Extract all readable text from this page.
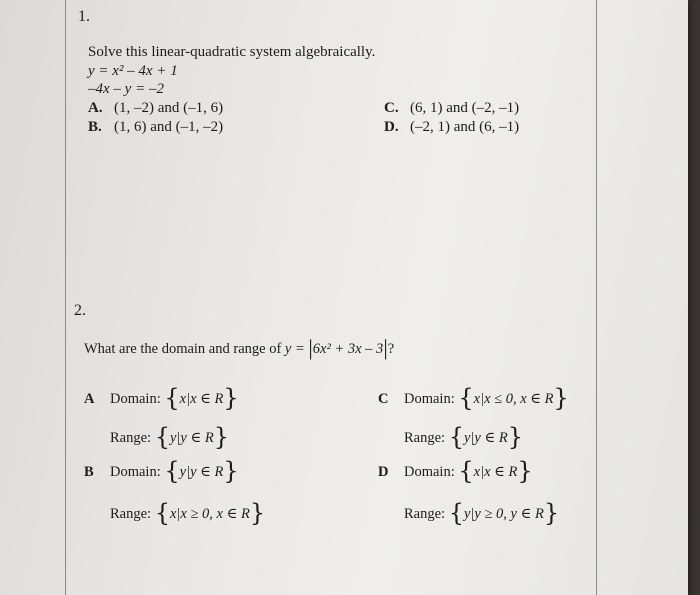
1.
Solve this linear-quadratic system algebraically.
y = x² – 4x + 1
–4x – y = –2
A. (1, –2) and (–1, 6)
B. (1, 6) and (–1, –2)
C. (6, 1) and (–2, –1)
D. (–2, 1) and (6, –1)
2.
What are the domain and range of y = |6x² + 3x – 3|?
A Domain: {x|x ∈ R}
Range: {y|y ∈ R}
B Domain: {y|y ∈ R}
Range: {x|x ≥ 0, x ∈ R}
C Domain: {x|x ≤ 0, x ∈ R}
Range: {y|y ∈ R}
D Domain: {x|x ∈ R}
Range: {y|y ≥ 0, y ∈ R}
